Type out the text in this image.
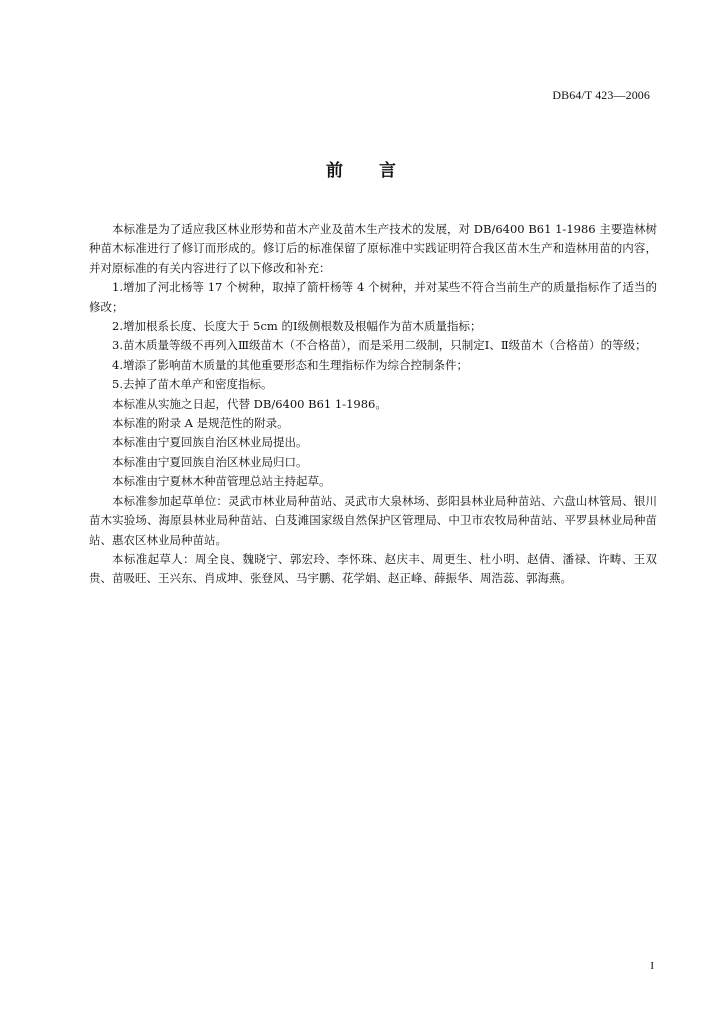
DB64/T 423—2006
前 言

本标准是为了适应我区林业形势和苗木产业及苗木生产技术的发展，对 DB/6400 B61 1-1986 主要造林树种苗木标准进行了修订而形成的。修订后的标准保留了原标准中实践证明符合我区苗木生产和造林用苗的内容，并对原标准的有关内容进行了以下修改和补充：

1.增加了河北杨等 17 个树种，取掉了箭杆杨等 4 个树种，并对某些不符合当前生产的质量指标作了适当的修改；

2.增加根系长度、长度大于 5cm 的Ⅰ级侧根数及根幅作为苗木质量指标；

3.苗木质量等级不再列入Ⅲ级苗木（不合格苗），而是采用二级制，只制定Ⅰ、Ⅱ级苗木（合格苗）的等级；

4.增添了影响苗木质量的其他重要形态和生理指标作为综合控制条件；

5.去掉了苗木单产和密度指标。

本标准从实施之日起，代替 DB/6400 B61 1-1986。

本标准的附录 A 是规范性的附录。

本标准由宁夏回族自治区林业局提出。

本标准由宁夏回族自治区林业局归口。

本标准由宁夏林木种苗管理总站主持起草。

本标准参加起草单位：灵武市林业局种苗站、灵武市大泉林场、彭阳县林业局种苗站、六盘山林管局、银川苗木实验场、海原县林业局种苗站、白芨滩国家级自然保护区管理局、中卫市农牧局种苗站、平罗县林业局种苗站、惠农区林业局种苗站。

本标准起草人：周全良、魏晓宁、郭宏玲、李怀珠、赵庆丰、周更生、杜小明、赵倩、潘禄、许畴、王双贵、苗吸旺、王兴东、肖成坤、张登风、马宇鹏、花学娟、赵正峰、薛振华、周浩蕊、郭海燕。

I
